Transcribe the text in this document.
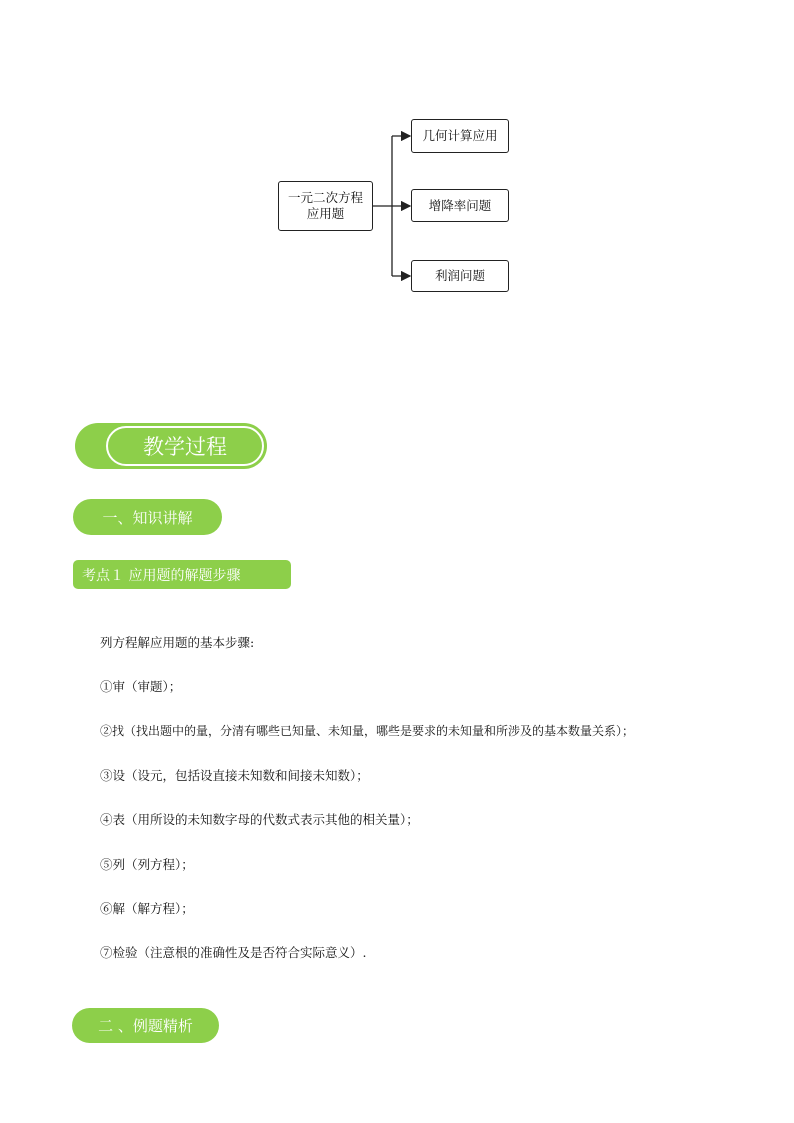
一元二次方程
应用题
几何计算应用
增降率问题
利润问题
教学过程
一、知识讲解
考点１ 应用题的解题步骤
列方程解应用题的基本步骤:
①审（审题）；
②找（找出题中的量，分清有哪些已知量、未知量，哪些是要求的未知量和所涉及的基本数量关系）；
③设（设元，包括设直接未知数和间接未知数）；
④表（用所设的未知数字母的代数式表示其他的相关量）；
⑤列（列方程）；
⑥解（解方程）；
⑦检验（注意根的准确性及是否符合实际意义）.
二 、例题精析
